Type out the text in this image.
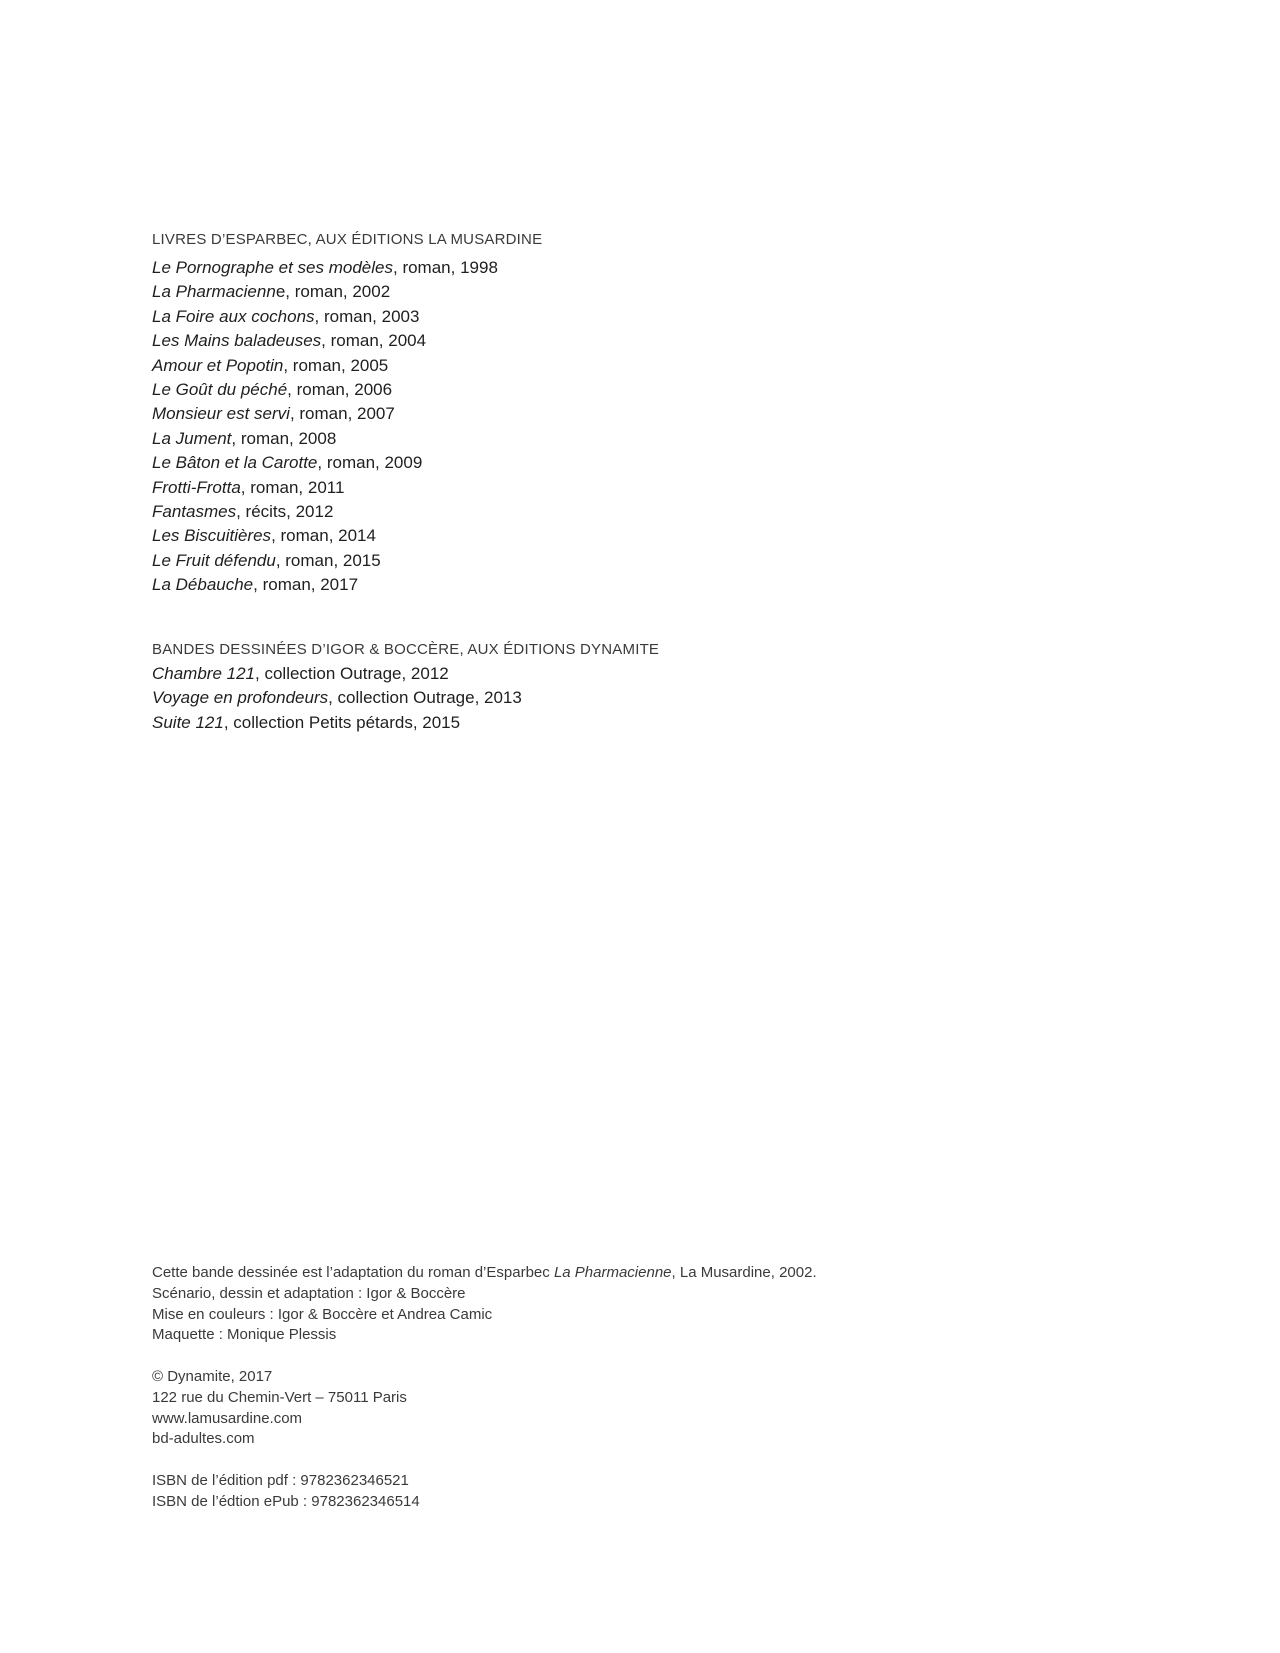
LIVRES D’ESPARBEC, AUX ÉDITIONS LA MUSARDINE
Le Pornographe et ses modèles, roman, 1998
La Pharmacienne, roman, 2002
La Foire aux cochons, roman, 2003
Les Mains baladeuses, roman, 2004
Amour et Popotin, roman, 2005
Le Goût du péché, roman, 2006
Monsieur est servi, roman, 2007
La Jument, roman, 2008
Le Bâton et la Carotte, roman, 2009
Frotti-Frotta, roman, 2011
Fantasmes, récits, 2012
Les Biscuitières, roman, 2014
Le Fruit défendu, roman, 2015
La Débauche, roman, 2017
BANDES DESSINÉES D’IGOR & BOCCÈRE, AUX ÉDITIONS DYNAMITE
Chambre 121, collection Outrage, 2012
Voyage en profondeurs, collection Outrage, 2013
Suite 121, collection Petits pétards, 2015
Cette bande dessinée est l’adaptation du roman d’Esparbec La Pharmacienne, La Musardine, 2002.
Scénario, dessin et adaptation : Igor & Boccère
Mise en couleurs : Igor & Boccère et Andrea Camic
Maquette : Monique Plessis
© Dynamite, 2017
122 rue du Chemin-Vert – 75011 Paris
www.lamusardine.com
bd-adultes.com
ISBN de l’édition pdf : 9782362346521
ISBN de l’édtion ePub : 9782362346514
